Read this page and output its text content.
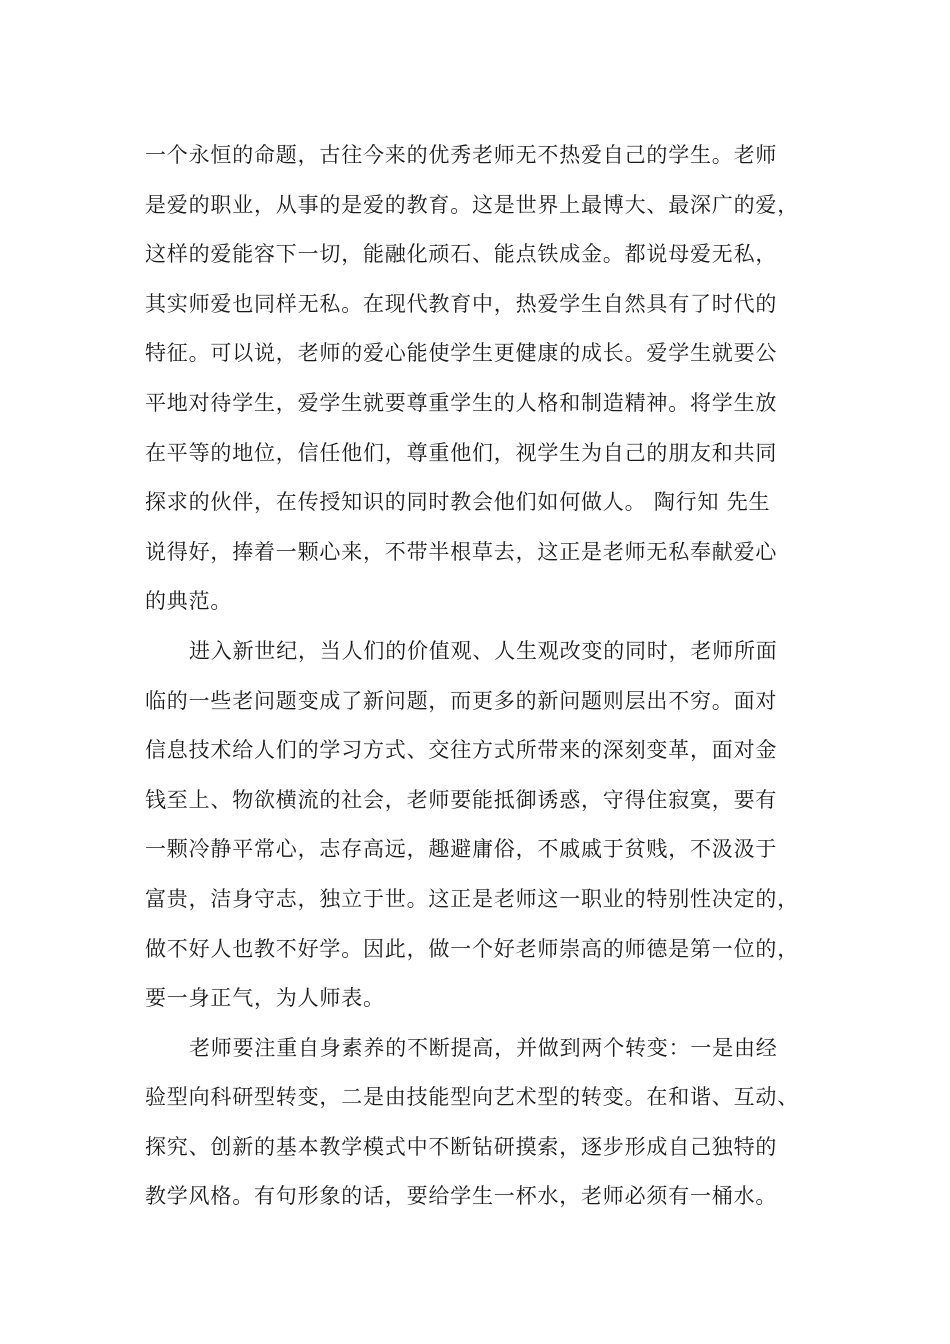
一个永恒的命题，古往今来的优秀老师无不热爱自己的学生。老师
是爱的职业，从事的是爱的教育。这是世界上最博大、最深广的爱，
这样的爱能容下一切，能融化顽石、能点铁成金。都说母爱无私，
其实师爱也同样无私。在现代教育中，热爱学生自然具有了时代的
特征。可以说，老师的爱心能使学生更健康的成长。爱学生就要公
平地对待学生，爱学生就要尊重学生的人格和制造精神。将学生放
在平等的地位，信任他们，尊重他们，视学生为自己的朋友和共同
探求的伙伴，在传授知识的同时教会他们如何做人。 陶行知 先生
说得好，捧着一颗心来，不带半根草去，这正是老师无私奉献爱心
的典范。
进入新世纪，当人们的价值观、人生观改变的同时，老师所面
临的一些老问题变成了新问题，而更多的新问题则层出不穷。面对
信息技术给人们的学习方式、交往方式所带来的深刻变革，面对金
钱至上、物欲横流的社会，老师要能抵御诱惑，守得住寂寞，要有
一颗冷静平常心，志存高远，趣避庸俗，不戚戚于贫贱，不汲汲于
富贵，洁身守志，独立于世。这正是老师这一职业的特别性决定的，
做不好人也教不好学。因此，做一个好老师崇高的师德是第一位的，
要一身正气，为人师表。
老师要注重自身素养的不断提高，并做到两个转变：一是由经
验型向科研型转变，二是由技能型向艺术型的转变。在和谐、互动、
探究、创新的基本教学模式中不断钻研摸索，逐步形成自己独特的
教学风格。有句形象的话，要给学生一杯水，老师必须有一桶水。
